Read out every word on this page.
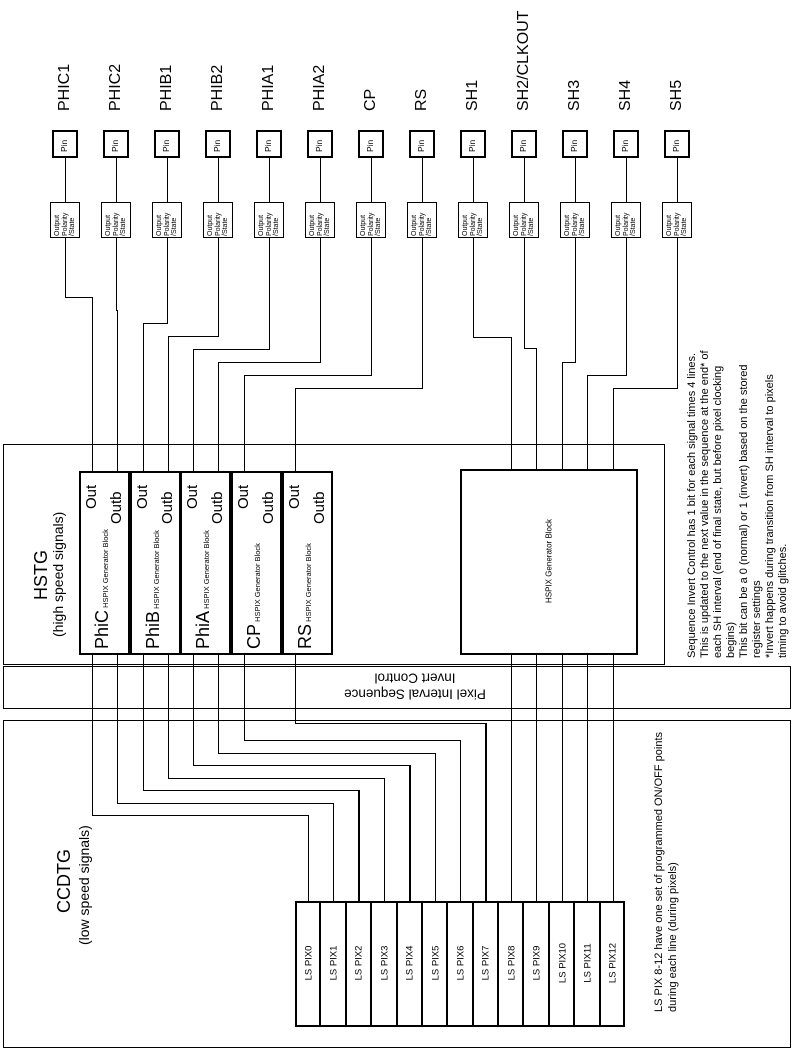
HSTG (high speed signals)	HSPIX Generator Block
Pixel Interval Sequence
Invert Control
CCDTG (low speed signals)
Sequence Invert Control has 1 bit for each signal times 4 lines. This is updated to the next value in the sequence at the end* of each SH interval (end of final state, but before pixel clocking begins) This bit can be a 0 (normal) or 1 (invert) based on the stored register settings *Invert happens during transition from SH interval to pixels timing to avoid glitches.
LS PIX 8-12 have one set of programmed ON/OFF points during each line (during pixels)
PHIC1
Pin
Output Polarity /State
PHIC2
Pin
Output Polarity /State
PHIB1
Pin
Output Polarity /State
PHIB2
Pin
Output Polarity /State
PHIA1
Pin
Output Polarity /State
PHIA2
Pin
Output Polarity /State
CP
Pin
Output Polarity /State
RS
Pin
Output Polarity /State
SH1
Pin
Output Polarity /State
SH2/CLKOUT
Pin
Output Polarity /State
SH3
Pin
Output Polarity /State
SH4
Pin
Output Polarity /State
SH5
Pin
Output Polarity /State
Out Outb
PhiC HSPIX Generator Block
Out Outb
PhiB HSPIX Generator Block
Out Outb
PhiA HSPIX Generator Block
Out Outb
CP HSPIX Generator Block
Out Outb
RS HSPIX Generator Block
LS PIX0 LS PIX1 LS PIX2 LS PIX3 LS PIX4 LS PIX5 LS PIX6 LS PIX7 LS PIX8 LS PIX9 LS PIX10 LS PIX11 LS PIX12
